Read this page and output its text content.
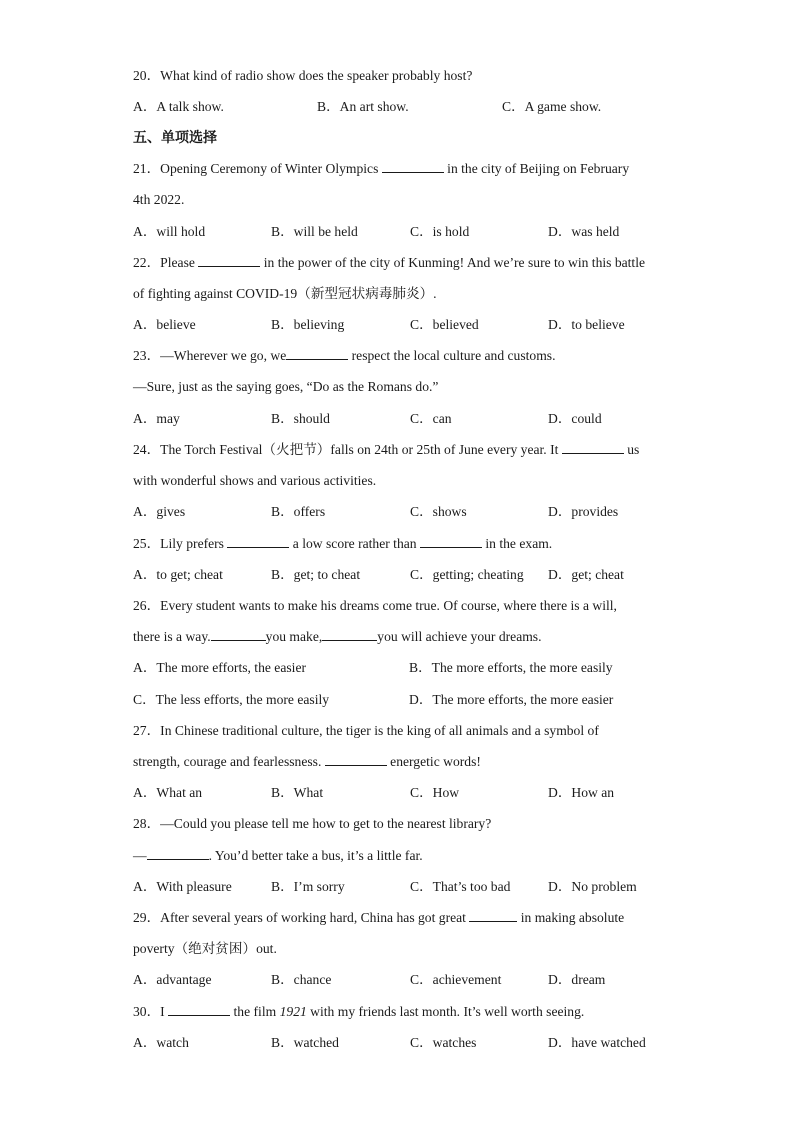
20．What kind of radio show does the speaker probably host?
A．A talk show.	B．An art show.	C．A game show.
五、单项选择
21．Opening Ceremony of Winter Olympics	in the city of Beijing on February
4th 2022.
A．will hold	B．will be held	C．is hold	D．was held
22．Please	in the power of the city of Kunming! And we’re sure to win this battle
of fighting against COVID-19（新型冠状病毒肺炎）.
A．believe	B．believing	C．believed	D．to believe
23．—Wherever we go, we	respect the local culture and customs.
—Sure, just as the saying goes, “Do as the Romans do.”
A．may	B．should	C．can	D．could
24．The Torch Festival（火把节）falls on 24th or 25th of June every year. It	us
with wonderful shows and various activities.
A．gives	B．offers	C．shows	D．provides
25．Lily prefers	a low score rather than	in the exam.
A．to get; cheat	B．get; to cheat	C．getting; cheating D．get; cheat
26．Every student wants to make his dreams come true. Of course, where there is a will,
there is a way.	you make,	you will achieve your dreams.
A．The more efforts, the easier	B．The more efforts, the more easily
C．The less efforts, the more easily	D．The more efforts, the more easier
27．In Chinese traditional culture, the tiger is the king of all animals and a symbol of
strength, courage and fearlessness.	energetic words!
A．What an	B．What	C．How	D．How an
28．—Could you please tell me how to get to the nearest library?
—	. You’d better take a bus, it’s a little far.
A．With pleasure	B．I’m sorry	C．That’s too bad	D．No problem
29．After several years of working hard, China has got great	in making absolute
poverty（绝对贫困）out.
A．advantage	B．chance	C．achievement	D．dream
30．I	the film 1921 with my friends last month. It’s well worth seeing.
A．watch	B．watched	C．watches	D．have watched
